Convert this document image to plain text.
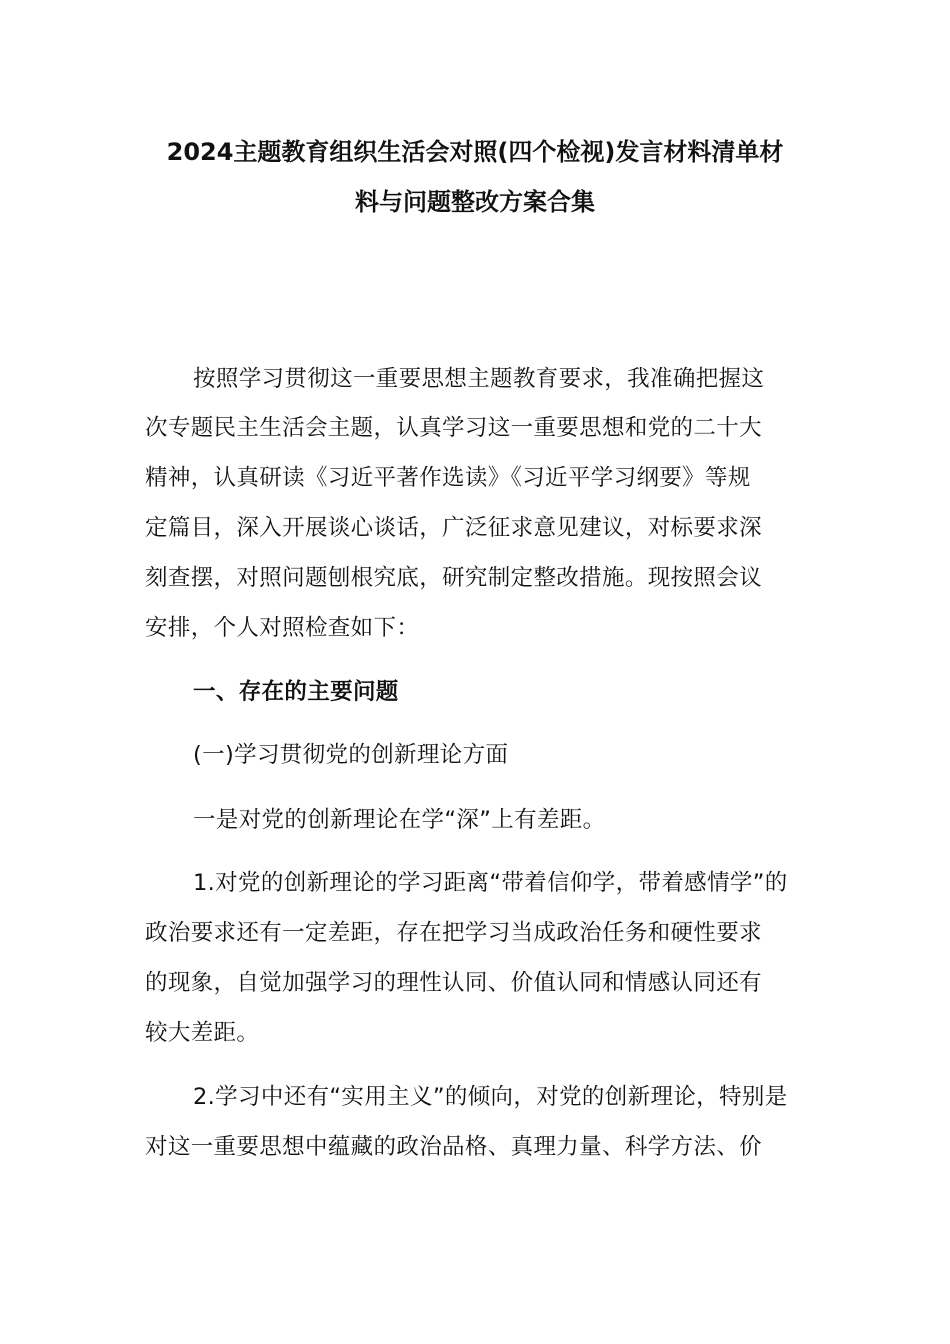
2024主题教育组织生活会对照(四个检视)发言材料清单材
料与问题整改方案合集
按照学习贯彻这一重要思想主题教育要求，我准确把握这
次专题民主生活会主题，认真学习这一重要思想和党的二十大
精神，认真研读《习近平著作选读》《习近平学习纲要》等规
定篇目，深入开展谈心谈话，广泛征求意见建议，对标要求深
刻查摆，对照问题刨根究底，研究制定整改措施。现按照会议
安排，个人对照检查如下：
一、存在的主要问题
(一)学习贯彻党的创新理论方面
一是对党的创新理论在学“深”上有差距。
1.对党的创新理论的学习距离“带着信仰学，带着感情学”的
政治要求还有一定差距，存在把学习当成政治任务和硬性要求
的现象，自觉加强学习的理性认同、价值认同和情感认同还有
较大差距。
2.学习中还有“实用主义”的倾向，对党的创新理论，特别是
对这一重要思想中蕴藏的政治品格、真理力量、科学方法、价
